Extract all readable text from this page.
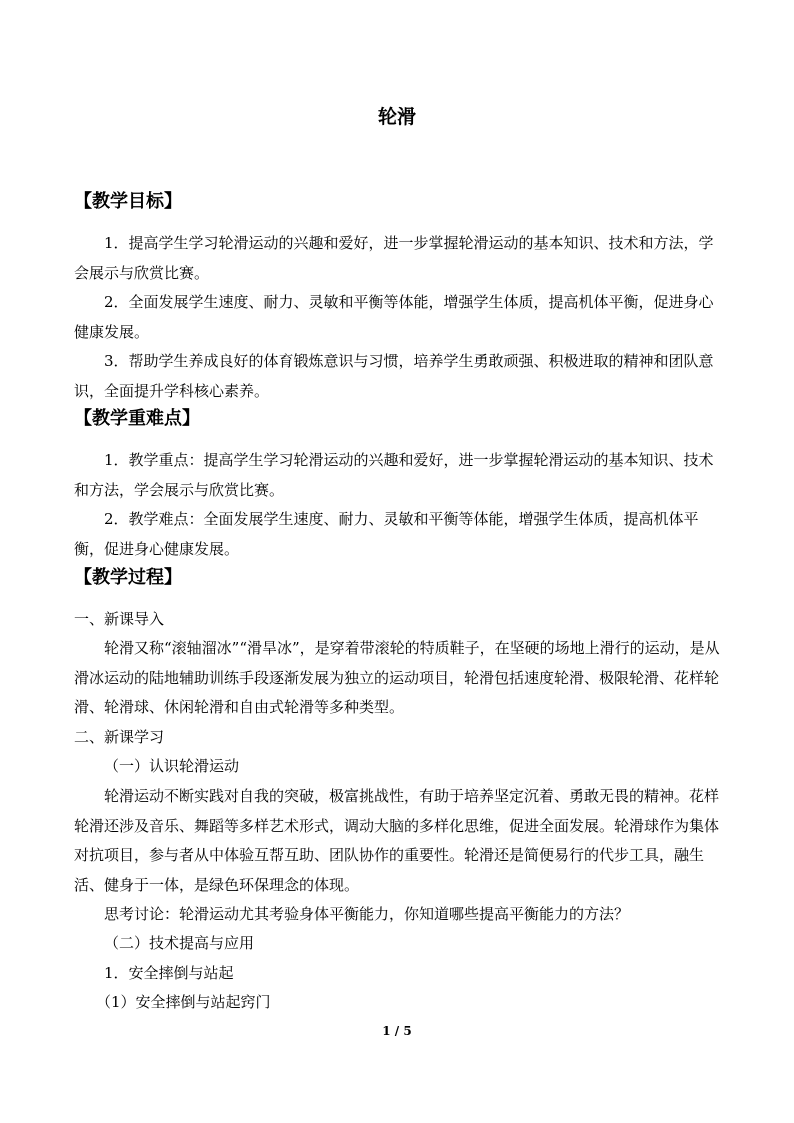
轮滑
【教学目标】
1．提高学生学习轮滑运动的兴趣和爱好，进一步掌握轮滑运动的基本知识、技术和方法，学会展示与欣赏比赛。
2．全面发展学生速度、耐力、灵敏和平衡等体能，增强学生体质，提高机体平衡，促进身心健康发展。
3．帮助学生养成良好的体育锻炼意识与习惯，培养学生勇敢顽强、积极进取的精神和团队意识，全面提升学科核心素养。
【教学重难点】
1．教学重点：提高学生学习轮滑运动的兴趣和爱好，进一步掌握轮滑运动的基本知识、技术和方法，学会展示与欣赏比赛。
2．教学难点：全面发展学生速度、耐力、灵敏和平衡等体能，增强学生体质，提高机体平衡，促进身心健康发展。
【教学过程】
一、新课导入
轮滑又称“滚轴溜冰”“滑旱冰”，是穿着带滚轮的特质鞋子，在坚硬的场地上滑行的运动，是从滑冰运动的陆地辅助训练手段逐渐发展为独立的运动项目，轮滑包括速度轮滑、极限轮滑、花样轮滑、轮滑球、休闲轮滑和自由式轮滑等多种类型。
二、新课学习
（一）认识轮滑运动
轮滑运动不断实践对自我的突破，极富挑战性，有助于培养坚定沉着、勇敢无畏的精神。花样轮滑还涉及音乐、舞蹈等多样艺术形式，调动大脑的多样化思维，促进全面发展。轮滑球作为集体对抗项目，参与者从中体验互帮互助、团队协作的重要性。轮滑还是简便易行的代步工具，融生活、健身于一体，是绿色环保理念的体现。
思考讨论：轮滑运动尤其考验身体平衡能力，你知道哪些提高平衡能力的方法？
（二）技术提高与应用
1．安全摔倒与站起
（1）安全摔倒与站起窍门
1 / 5
